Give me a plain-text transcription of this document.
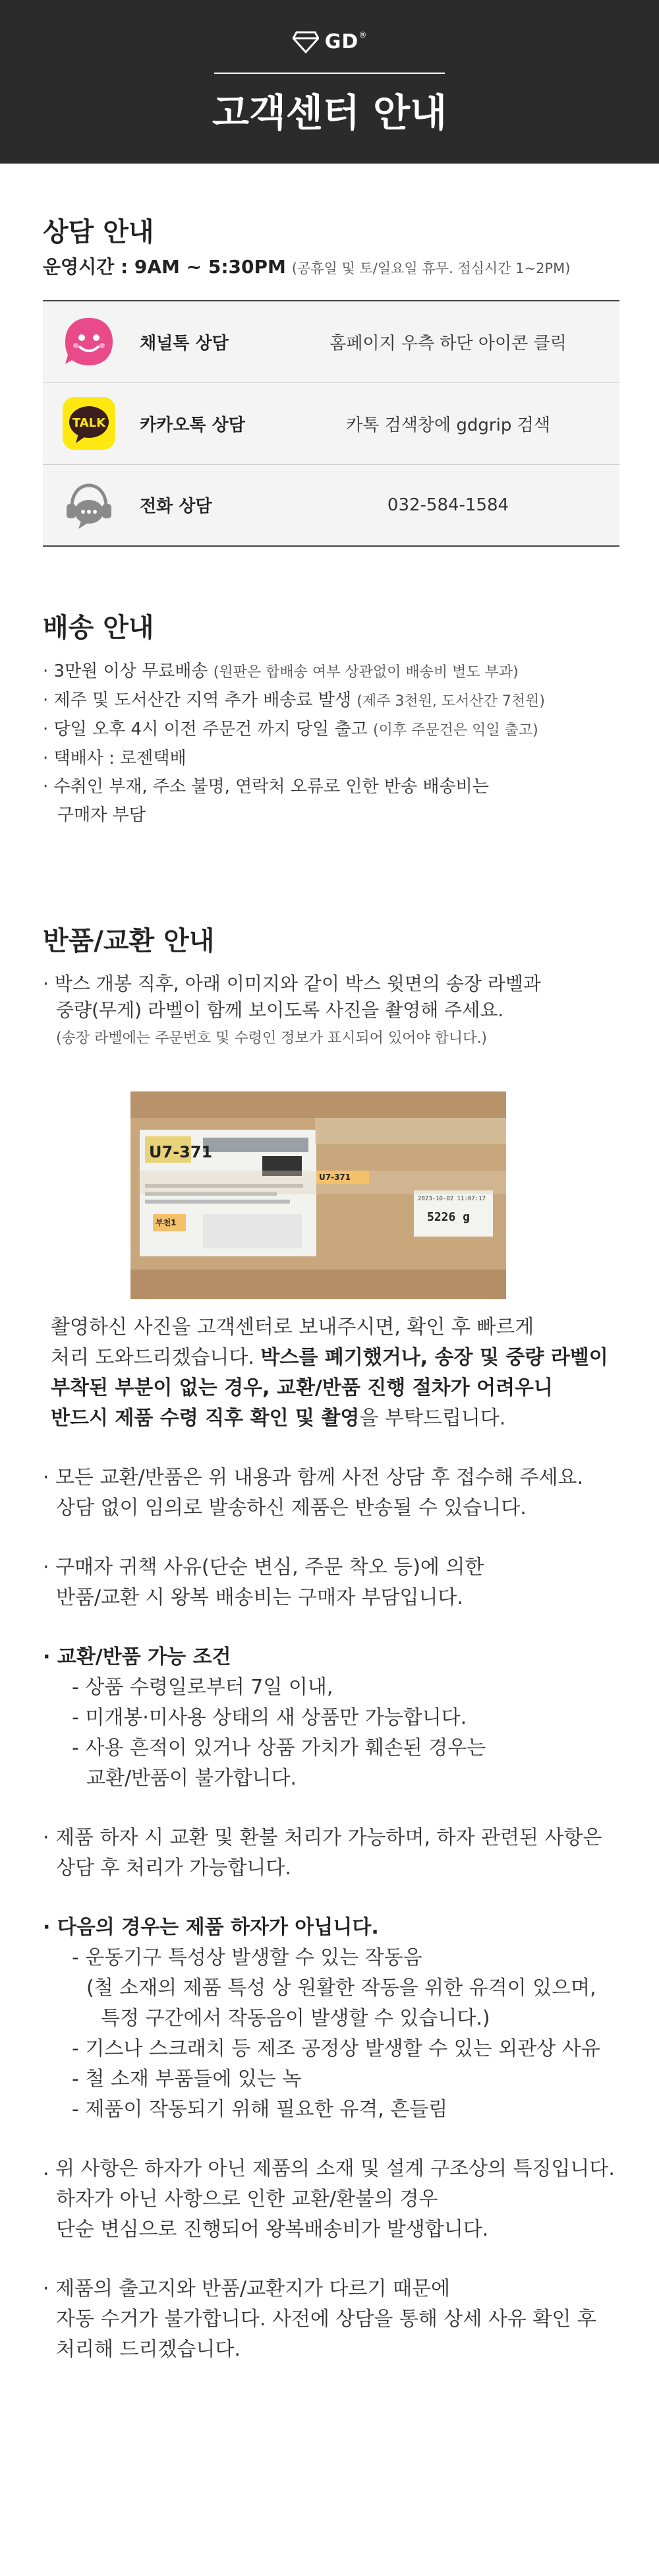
GD®
고객센터 안내
상담 안내
운영시간 : 9AM ~ 5:30PM (공휴일 및 토/일요일 휴무. 점심시간 1~2PM)
채널톡 상담	홈페이지 우측 하단 아이콘 클릭

TALK 카카오톡 상담	카톡 검색창에 gdgrip 검색
전화 상담	032-584-1584
배송 안내
· 3만원 이상 무료배송 (원판은 합배송 여부 상관없이 배송비 별도 부과)
· 제주 및 도서산간 지역 추가 배송료 발생 (제주 3천원, 도서산간 7천원)
· 당일 오후 4시 이전 주문건 까지 당일 출고 (이후 주문건은 익일 출고)
· 택배사 : 로젠택배
· 수취인 부재, 주소 불명, 연락처 오류로 인한 반송 배송비는
구매자 부담
반품/교환 안내
· 박스 개봉 직후, 아래 이미지와 같이 박스 윗면의 송장 라벨과
중량(무게) 라벨이 함께 보이도록 사진을 촬영해 주세요.
(송장 라벨에는 주문번호 및 수령인 정보가 표시되어 있어야 합니다.)
U7-371
U7-371
2023-10-02 11:07:17
5226 g
부천1
촬영하신 사진을 고객센터로 보내주시면, 확인 후 빠르게
처리 도와드리겠습니다. 박스를 폐기했거나, 송장 및 중량 라벨이
부착된 부분이 없는 경우, 교환/반품 진행 절차가 어려우니
반드시 제품 수령 직후 확인 및 촬영을 부탁드립니다.
· 모든 교환/반품은 위 내용과 함께 사전 상담 후 접수해 주세요.
상담 없이 임의로 발송하신 제품은 반송될 수 있습니다.
· 구매자 귀책 사유(단순 변심, 주문 착오 등)에 의한
반품/교환 시 왕복 배송비는 구매자 부담입니다.
· 교환/반품 가능 조건
- 상품 수령일로부터 7일 이내,
- 미개봉·미사용 상태의 새 상품만 가능합니다.
- 사용 흔적이 있거나 상품 가치가 훼손된 경우는
교환/반품이 불가합니다.
· 제품 하자 시 교환 및 환불 처리가 가능하며, 하자 관련된 사항은
상담 후 처리가 가능합니다.
· 다음의 경우는 제품 하자가 아닙니다.
- 운동기구 특성상 발생할 수 있는 작동음
(철 소재의 제품 특성 상 원활한 작동을 위한 유격이 있으며,
특정 구간에서 작동음이 발생할 수 있습니다.)
- 기스나 스크래치 등 제조 공정상 발생할 수 있는 외관상 사유
- 철 소재 부품들에 있는 녹
- 제품이 작동되기 위해 필요한 유격, 흔들림
. 위 사항은 하자가 아닌 제품의 소재 및 설계 구조상의 특징입니다.
하자가 아닌 사항으로 인한 교환/환불의 경우
단순 변심으로 진행되어 왕복배송비가 발생합니다.
· 제품의 출고지와 반품/교환지가 다르기 때문에
자동 수거가 불가합니다. 사전에 상담을 통해 상세 사유 확인 후
처리해 드리겠습니다.
